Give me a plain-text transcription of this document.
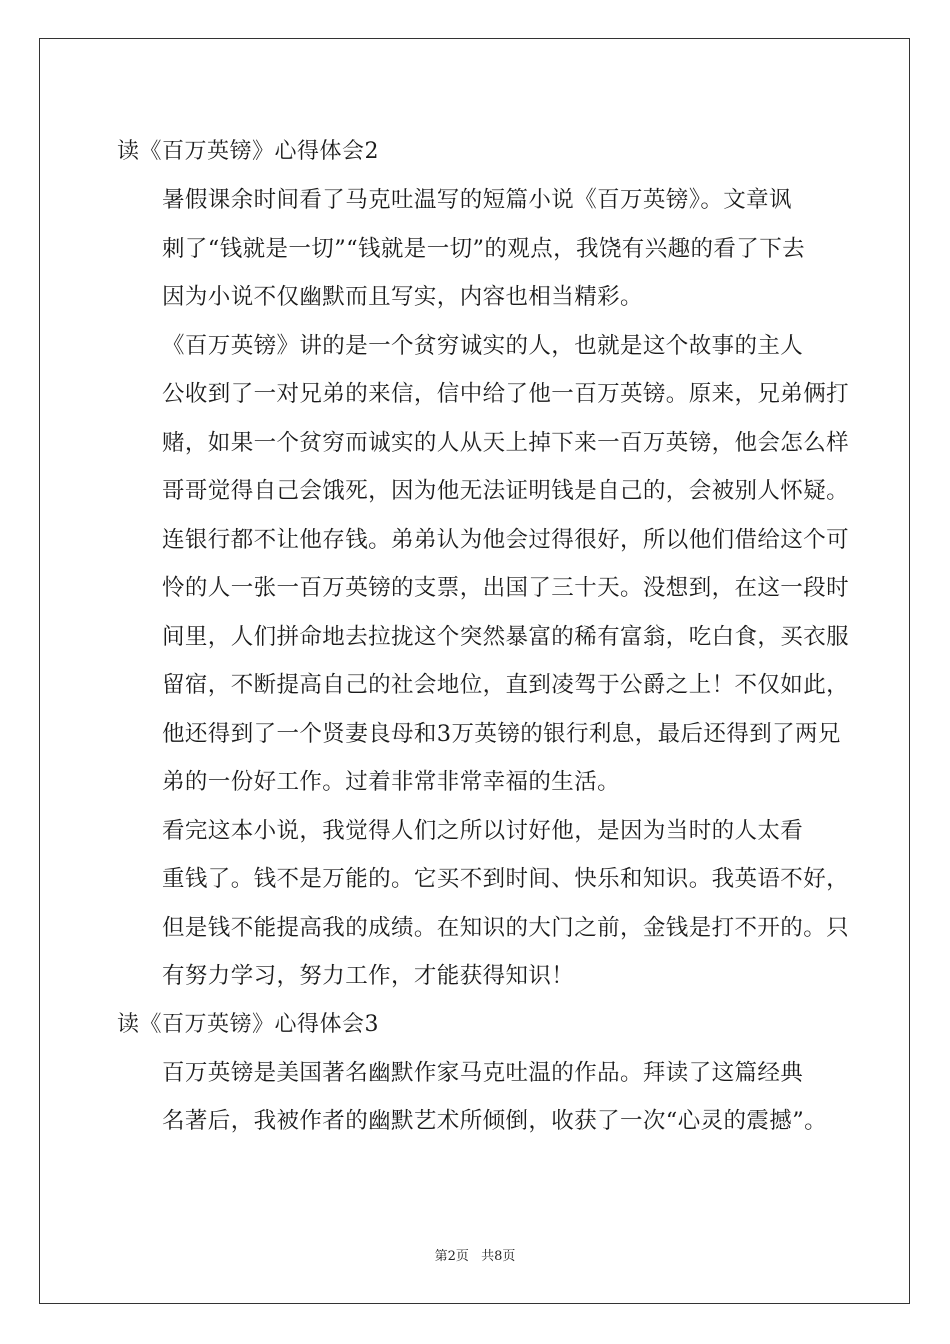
读《百万英镑》心得体会2

暑假课余时间看了马克吐温写的短篇小说《百万英镑》。文章讽
刺了“钱就是一切”“钱就是一切”的观点，我饶有兴趣的看了下去
因为小说不仅幽默而且写实，内容也相当精彩。

《百万英镑》讲的是一个贫穷诚实的人，也就是这个故事的主人
公收到了一对兄弟的来信，信中给了他一百万英镑。原来，兄弟俩打
赌，如果一个贫穷而诚实的人从天上掉下来一百万英镑，他会怎么样
哥哥觉得自己会饿死，因为他无法证明钱是自己的，会被别人怀疑。
连银行都不让他存钱。弟弟认为他会过得很好，所以他们借给这个可
怜的人一张一百万英镑的支票，出国了三十天。没想到，在这一段时
间里，人们拼命地去拉拢这个突然暴富的稀有富翁，吃白食，买衣服
留宿，不断提高自己的社会地位，直到凌驾于公爵之上！不仅如此，
他还得到了一个贤妻良母和3万英镑的银行利息，最后还得到了两兄
弟的一份好工作。过着非常非常幸福的生活。

看完这本小说，我觉得人们之所以讨好他，是因为当时的人太看
重钱了。钱不是万能的。它买不到时间、快乐和知识。我英语不好，
但是钱不能提高我的成绩。在知识的大门之前，金钱是打不开的。只
有努力学习，努力工作，才能获得知识！

读《百万英镑》心得体会3

百万英镑是美国著名幽默作家马克吐温的作品。拜读了这篇经典
名著后，我被作者的幽默艺术所倾倒，收获了一次“心灵的震撼”。

第2页 共8页
